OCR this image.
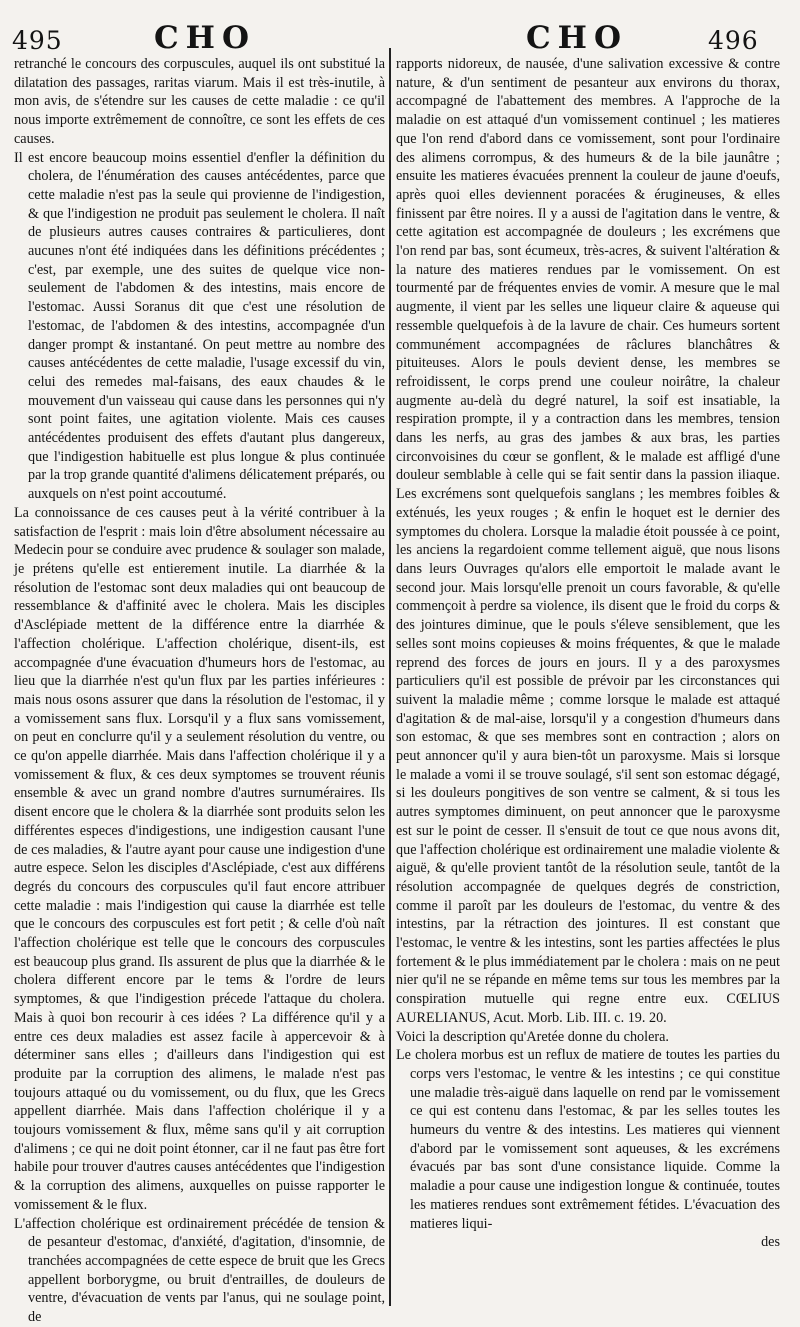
495	CHO	CHO	496

retranché le concours des corpuscules, auquel ils ont substitué la dilatation des passages, raritas viarum. Mais il est très-inutile, à mon avis, de s'étendre sur les causes de cette maladie : ce qu'il nous importe extrêmement de connoître, ce sont les effets de ces causes.

Il est encore beaucoup moins essentiel d'enfler la définition du cholera, de l'énumération des causes antécédentes, parce que cette maladie n'est pas la seule qui provienne de l'indigestion, & que l'indigestion ne produit pas seulement le cholera. Il naît de plusieurs autres causes contraires & particulieres, dont aucunes n'ont été indiquées dans les définitions précédentes ; c'est, par exemple, une des suites de quelque vice non-seulement de l'abdomen & des intestins, mais encore de l'estomac. Aussi Soranus dit que c'est une résolution de l'estomac, de l'abdomen & des intestins, accompagnée d'un danger prompt & instantané. On peut mettre au nombre des causes antécédentes de cette maladie, l'usage excessif du vin, celui des remedes mal-faisans, des eaux chaudes & le mouvement d'un vaisseau qui cause dans les personnes qui n'y sont point faites, une agitation violente. Mais ces causes antécédentes produisent des effets d'autant plus dangereux, que l'indigestion habituelle est plus longue & plus continuée par la trop grande quantité d'alimens délicatement préparés, ou auxquels on n'est point accoutumé.

La connoissance de ces causes peut à la vérité contribuer à la satisfaction de l'esprit : mais loin d'être absolument nécessaire au Medecin pour se conduire avec prudence & soulager son malade, je prétens qu'elle est entierement inutile. La diarrhée & la résolution de l'estomac sont deux maladies qui ont beaucoup de ressemblance & d'affinité avec le cholera. Mais les disciples d'Asclépiade mettent de la différence entre la diarrhée & l'affection cholérique. L'affection cholérique, disent-ils, est accompagnée d'une évacuation d'humeurs hors de l'estomac, au lieu que la diarrhée n'est qu'un flux par les parties inférieures : mais nous osons assurer que dans la résolution de l'estomac, il y a vomissement sans flux. Lorsqu'il y a flux sans vomissement, on peut en conclurre qu'il y a seulement résolution du ventre, ou ce qu'on appelle diarrhée. Mais dans l'affection cholérique il y a vomissement & flux, & ces deux symptomes se trouvent réunis ensemble & avec un grand nombre d'autres surnuméraires. Ils disent encore que le cholera & la diarrhée sont produits selon les différentes especes d'indigestions, une indigestion causant l'une de ces maladies, & l'autre ayant pour cause une indigestion d'une autre espece. Selon les disciples d'Asclépiade, c'est aux différens degrés du concours des corpuscules qu'il faut encore attribuer cette maladie : mais l'indigestion qui cause la diarrhée est telle que le concours des corpuscules est fort petit ; & celle d'où naît l'affection cholérique est telle que le concours des corpuscules est beaucoup plus grand. Ils assurent de plus que la diarrhée & le cholera different encore par le tems & l'ordre de leurs symptomes, & que l'indigestion précede l'attaque du cholera. Mais à quoi bon recourir à ces idées ? La différence qu'il y a entre ces deux maladies est assez facile à appercevoir & à déterminer sans elles ; d'ailleurs dans l'indigestion qui est produite par la corruption des alimens, le malade n'est pas toujours attaqué ou du vomissement, ou du flux, que les Grecs appellent diarrhée. Mais dans l'affection cholérique il y a toujours vomissement & flux, même sans qu'il y ait corruption d'alimens ; ce qui ne doit point étonner, car il ne faut pas être fort habile pour trouver d'autres causes antécédentes que l'indigestion & la corruption des alimens, auxquelles on puisse rapporter le vomissement & le flux.

L'affection cholérique est ordinairement précédée de tension & de pesanteur d'estomac, d'anxiété, d'agitation, d'insomnie, de tranchées accompagnées de cette espece de bruit que les Grecs appellent borborygme, ou bruit d'entrailles, de douleurs de ventre, d'évacuation de vents par l'anus, qui ne soulage point, de

rapports nidoreux, de nausée, d'une salivation excessive & contre nature, & d'un sentiment de pesanteur aux environs du thorax, accompagné de l'abattement des membres. A l'approche de la maladie on est attaqué d'un vomissement continuel ; les matieres que l'on rend d'abord dans ce vomissement, sont pour l'ordinaire des alimens corrompus, & des humeurs & de la bile jaunâtre ; ensuite les matieres évacuées prennent la couleur de jaune d'oeufs, après quoi elles deviennent poracées & érugineuses, & elles finissent par être noires. Il y a aussi de l'agitation dans le ventre, & cette agitation est accompagnée de douleurs ; les excrémens que l'on rend par bas, sont écumeux, très-acres, & suivent l'altération & la nature des matieres rendues par le vomissement. On est tourmenté par de fréquentes envies de vomir. A mesure que le mal augmente, il vient par les selles une liqueur claire & aqueuse qui ressemble quelquefois à de la lavure de chair. Ces humeurs sortent communément accompagnées de râclures blanchâtres & pituiteuses. Alors le pouls devient dense, les membres se refroidissent, le corps prend une couleur noirâtre, la chaleur augmente au-delà du degré naturel, la soif est insatiable, la respiration prompte, il y a contraction dans les membres, tension dans les nerfs, au gras des jambes & aux bras, les parties circonvoisines du cœur se gonflent, & le malade est affligé d'une douleur semblable à celle qui se fait sentir dans la passion iliaque. Les excrémens sont quelquefois sanglans ; les membres foibles & exténués, les yeux rouges ; & enfin le hoquet est le dernier des symptomes du cholera. Lorsque la maladie étoit poussée à ce point, les anciens la regardoient comme tellement aiguë, que nous lisons dans leurs Ouvrages qu'alors elle emportoit le malade avant le second jour. Mais lorsqu'elle prenoit un cours favorable, & qu'elle commençoit à perdre sa violence, ils disent que le froid du corps & des jointures diminue, que le pouls s'éleve sensiblement, que les selles sont moins copieuses & moins fréquentes, & que le malade reprend des forces de jours en jours. Il y a des paroxysmes particuliers qu'il est possible de prévoir par les circonstances qui suivent la maladie même ; comme lorsque le malade est attaqué d'agitation & de mal-aise, lorsqu'il y a congestion d'humeurs dans son estomac, & que ses membres sont en contraction ; alors on peut annoncer qu'il y aura bien-tôt un paroxysme. Mais si lorsque le malade a vomi il se trouve soulagé, s'il sent son estomac dégagé, si les douleurs pongitives de son ventre se calment, & si tous les autres symptomes diminuent, on peut annoncer que le paroxysme est sur le point de cesser. Il s'ensuit de tout ce que nous avons dit, que l'affection cholérique est ordinairement une maladie violente & aiguë, & qu'elle provient tantôt de la résolution seule, tantôt de la résolution accompagnée de quelques degrés de constriction, comme il paroît par les douleurs de l'estomac, du ventre & des intestins, par la rétraction des jointures. Il est constant que l'estomac, le ventre & les intestins, sont les parties affectées le plus fortement & le plus immédiatement par le cholera : mais on ne peut nier qu'il ne se répande en même tems sur tous les membres par la conspiration mutuelle qui regne entre eux. CŒLIUS AURELIANUS, Acut. Morb. Lib. III. c. 19. 20.

Voici la description qu'Aretée donne du cholera.

Le cholera morbus est un reflux de matiere de toutes les parties du corps vers l'estomac, le ventre & les intestins ; ce qui constitue une maladie très-aiguë dans laquelle on rend par le vomissement ce qui est contenu dans l'estomac, & par les selles toutes les humeurs du ventre & des intestins. Les matieres qui viennent d'abord par le vomissement sont aqueuses, & les excrémens évacués par bas sont d'une consistance liquide. Comme la maladie a pour cause une indigestion longue & continuée, toutes les matieres rendues sont extrêmement fétides. L'évacuation des matieres liqui-

des
